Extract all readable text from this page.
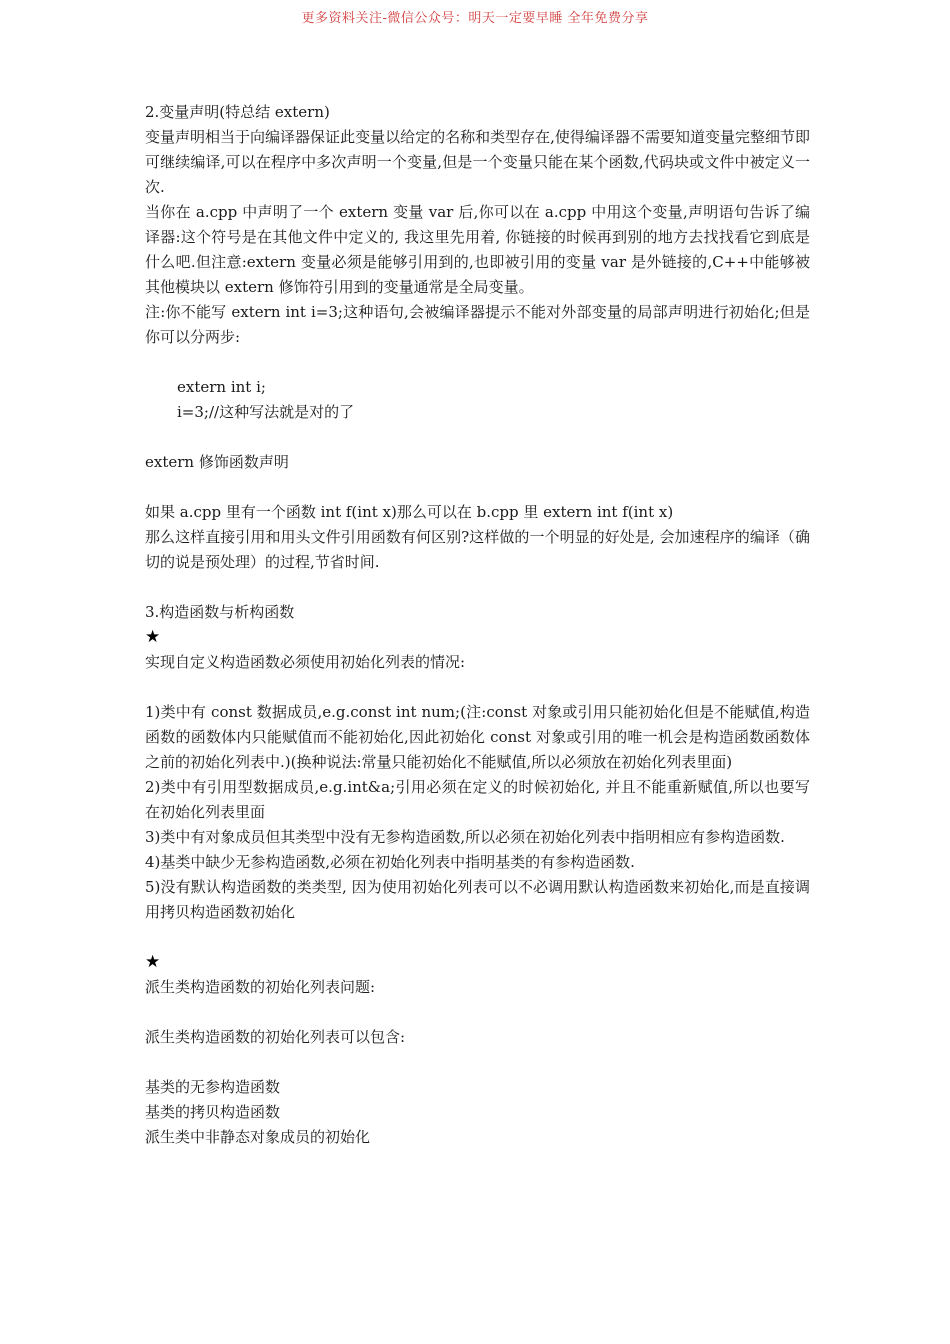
更多资料关注-微信公众号：明天一定要早睡 全年免费分享
2.变量声明(特总结 extern)
变量声明相当于向编译器保证此变量以给定的名称和类型存在,使得编译器不需要知道变量完整细节即可继续编译,可以在程序中多次声明一个变量,但是一个变量只能在某个函数,代码块或文件中被定义一次.
当你在 a.cpp 中声明了一个 extern 变量 var 后,你可以在 a.cpp 中用这个变量,声明语句告诉了编译器:这个符号是在其他文件中定义的, 我这里先用着, 你链接的时候再到别的地方去找找看它到底是什么吧.但注意:extern 变量必须是能够引用到的,也即被引用的变量 var 是外链接的,C++中能够被其他模块以 extern 修饰符引用到的变量通常是全局变量。
注:你不能写 extern int i=3;这种语句,会被编译器提示不能对外部变量的局部声明进行初始化;但是你可以分两步:
extern int i;
i=3;//这种写法就是对的了
extern 修饰函数声明
如果 a.cpp 里有一个函数 int f(int x)那么可以在 b.cpp 里 extern int f(int x)
那么这样直接引用和用头文件引用函数有何区别?这样做的一个明显的好处是, 会加速程序的编译（确切的说是预处理）的过程,节省时间.
3.构造函数与析构函数
★
实现自定义构造函数必须使用初始化列表的情况:
1)类中有 const 数据成员,e.g.const int num;(注:const 对象或引用只能初始化但是不能赋值,构造函数的函数体内只能赋值而不能初始化,因此初始化 const 对象或引用的唯一机会是构造函数函数体之前的初始化列表中.)(换种说法:常量只能初始化不能赋值,所以必须放在初始化列表里面)
2)类中有引用型数据成员,e.g.int&a;引用必须在定义的时候初始化, 并且不能重新赋值,所以也要写在初始化列表里面
3)类中有对象成员但其类型中没有无参构造函数,所以必须在初始化列表中指明相应有参构造函数.
4)基类中缺少无参构造函数,必须在初始化列表中指明基类的有参构造函数.
5)没有默认构造函数的类类型, 因为使用初始化列表可以不必调用默认构造函数来初始化,而是直接调用拷贝构造函数初始化
★
派生类构造函数的初始化列表问题:
派生类构造函数的初始化列表可以包含:
基类的无参构造函数
基类的拷贝构造函数
派生类中非静态对象成员的初始化
